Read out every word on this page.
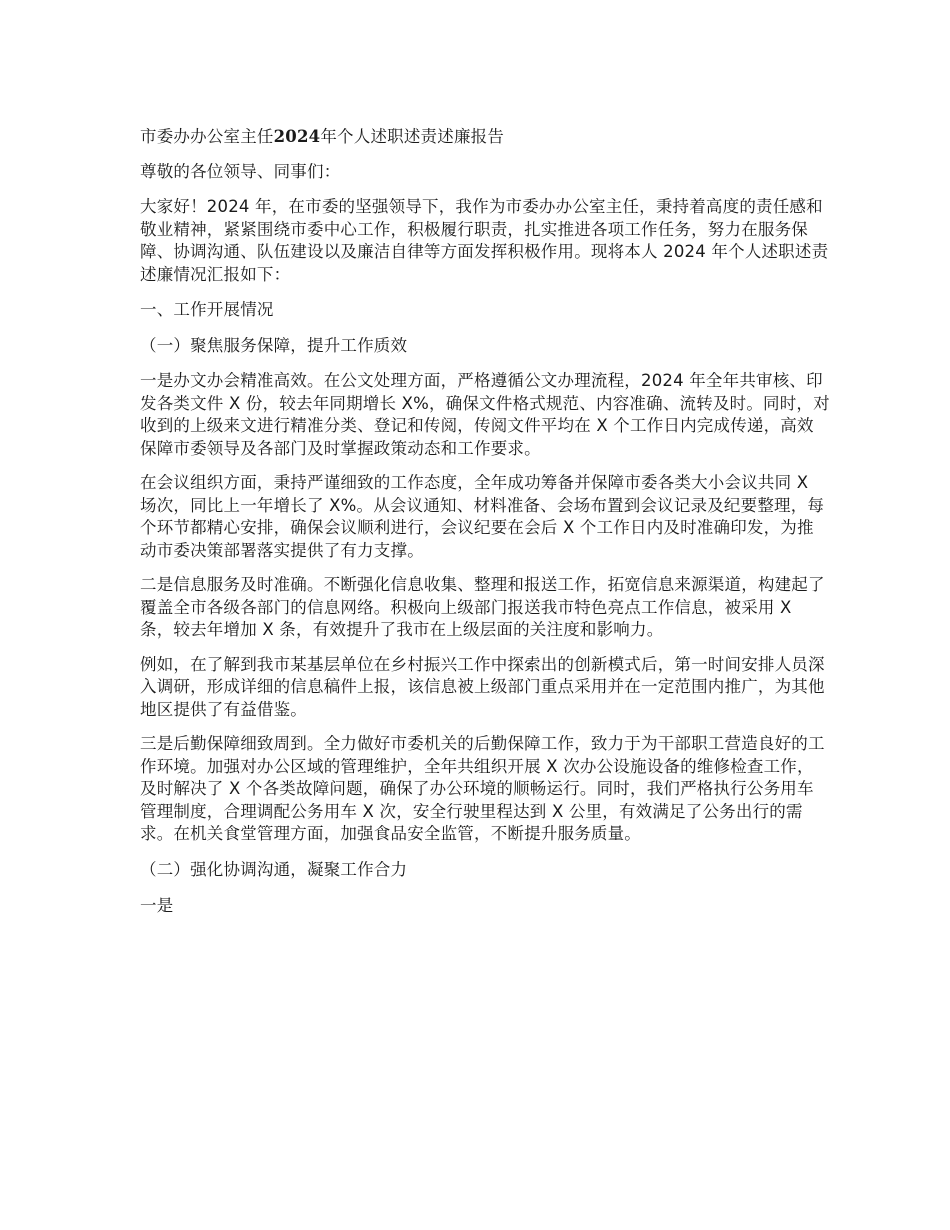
市委办办公室主任2024年个人述职述责述廉报告

尊敬的各位领导、同事们：

大家好！2024 年，在市委的坚强领导下，我作为市委办办公室主任，秉持着高度的责任感和敬业精神，紧紧围绕市委中心工作，积极履行职责，扎实推进各项工作任务，努力在服务保障、协调沟通、队伍建设以及廉洁自律等方面发挥积极作用。现将本人 2024 年个人述职述责述廉情况汇报如下：

一、工作开展情况

（一）聚焦服务保障，提升工作质效

一是办文办会精准高效。在公文处理方面，严格遵循公文办理流程，2024 年全年共审核、印发各类文件 X 份，较去年同期增长 X%，确保文件格式规范、内容准确、流转及时。同时，对收到的上级来文进行精准分类、登记和传阅，传阅文件平均在 X 个工作日内完成传递，高效保障市委领导及各部门及时掌握政策动态和工作要求。

在会议组织方面，秉持严谨细致的工作态度，全年成功筹备并保障市委各类大小会议共同 X 场次，同比上一年增长了 X%。从会议通知、材料准备、会场布置到会议记录及纪要整理，每个环节都精心安排，确保会议顺利进行，会议纪要在会后 X 个工作日内及时准确印发，为推动市委决策部署落实提供了有力支撑。

二是信息服务及时准确。不断强化信息收集、整理和报送工作，拓宽信息来源渠道，构建起了覆盖全市各级各部门的信息网络。积极向上级部门报送我市特色亮点工作信息，被采用 X 条，较去年增加 X 条，有效提升了我市在上级层面的关注度和影响力。

例如，在了解到我市某基层单位在乡村振兴工作中探索出的创新模式后，第一时间安排人员深入调研，形成详细的信息稿件上报，该信息被上级部门重点采用并在一定范围内推广，为其他地区提供了有益借鉴。

三是后勤保障细致周到。全力做好市委机关的后勤保障工作，致力于为干部职工营造良好的工作环境。加强对办公区域的管理维护，全年共组织开展 X 次办公设施设备的维修检查工作，及时解决了 X 个各类故障问题，确保了办公环境的顺畅运行。同时，我们严格执行公务用车管理制度，合理调配公务用车 X 次，安全行驶里程达到 X 公里，有效满足了公务出行的需求。在机关食堂管理方面，加强食品安全监管，不断提升服务质量。

（二）强化协调沟通，凝聚工作合力

一是
